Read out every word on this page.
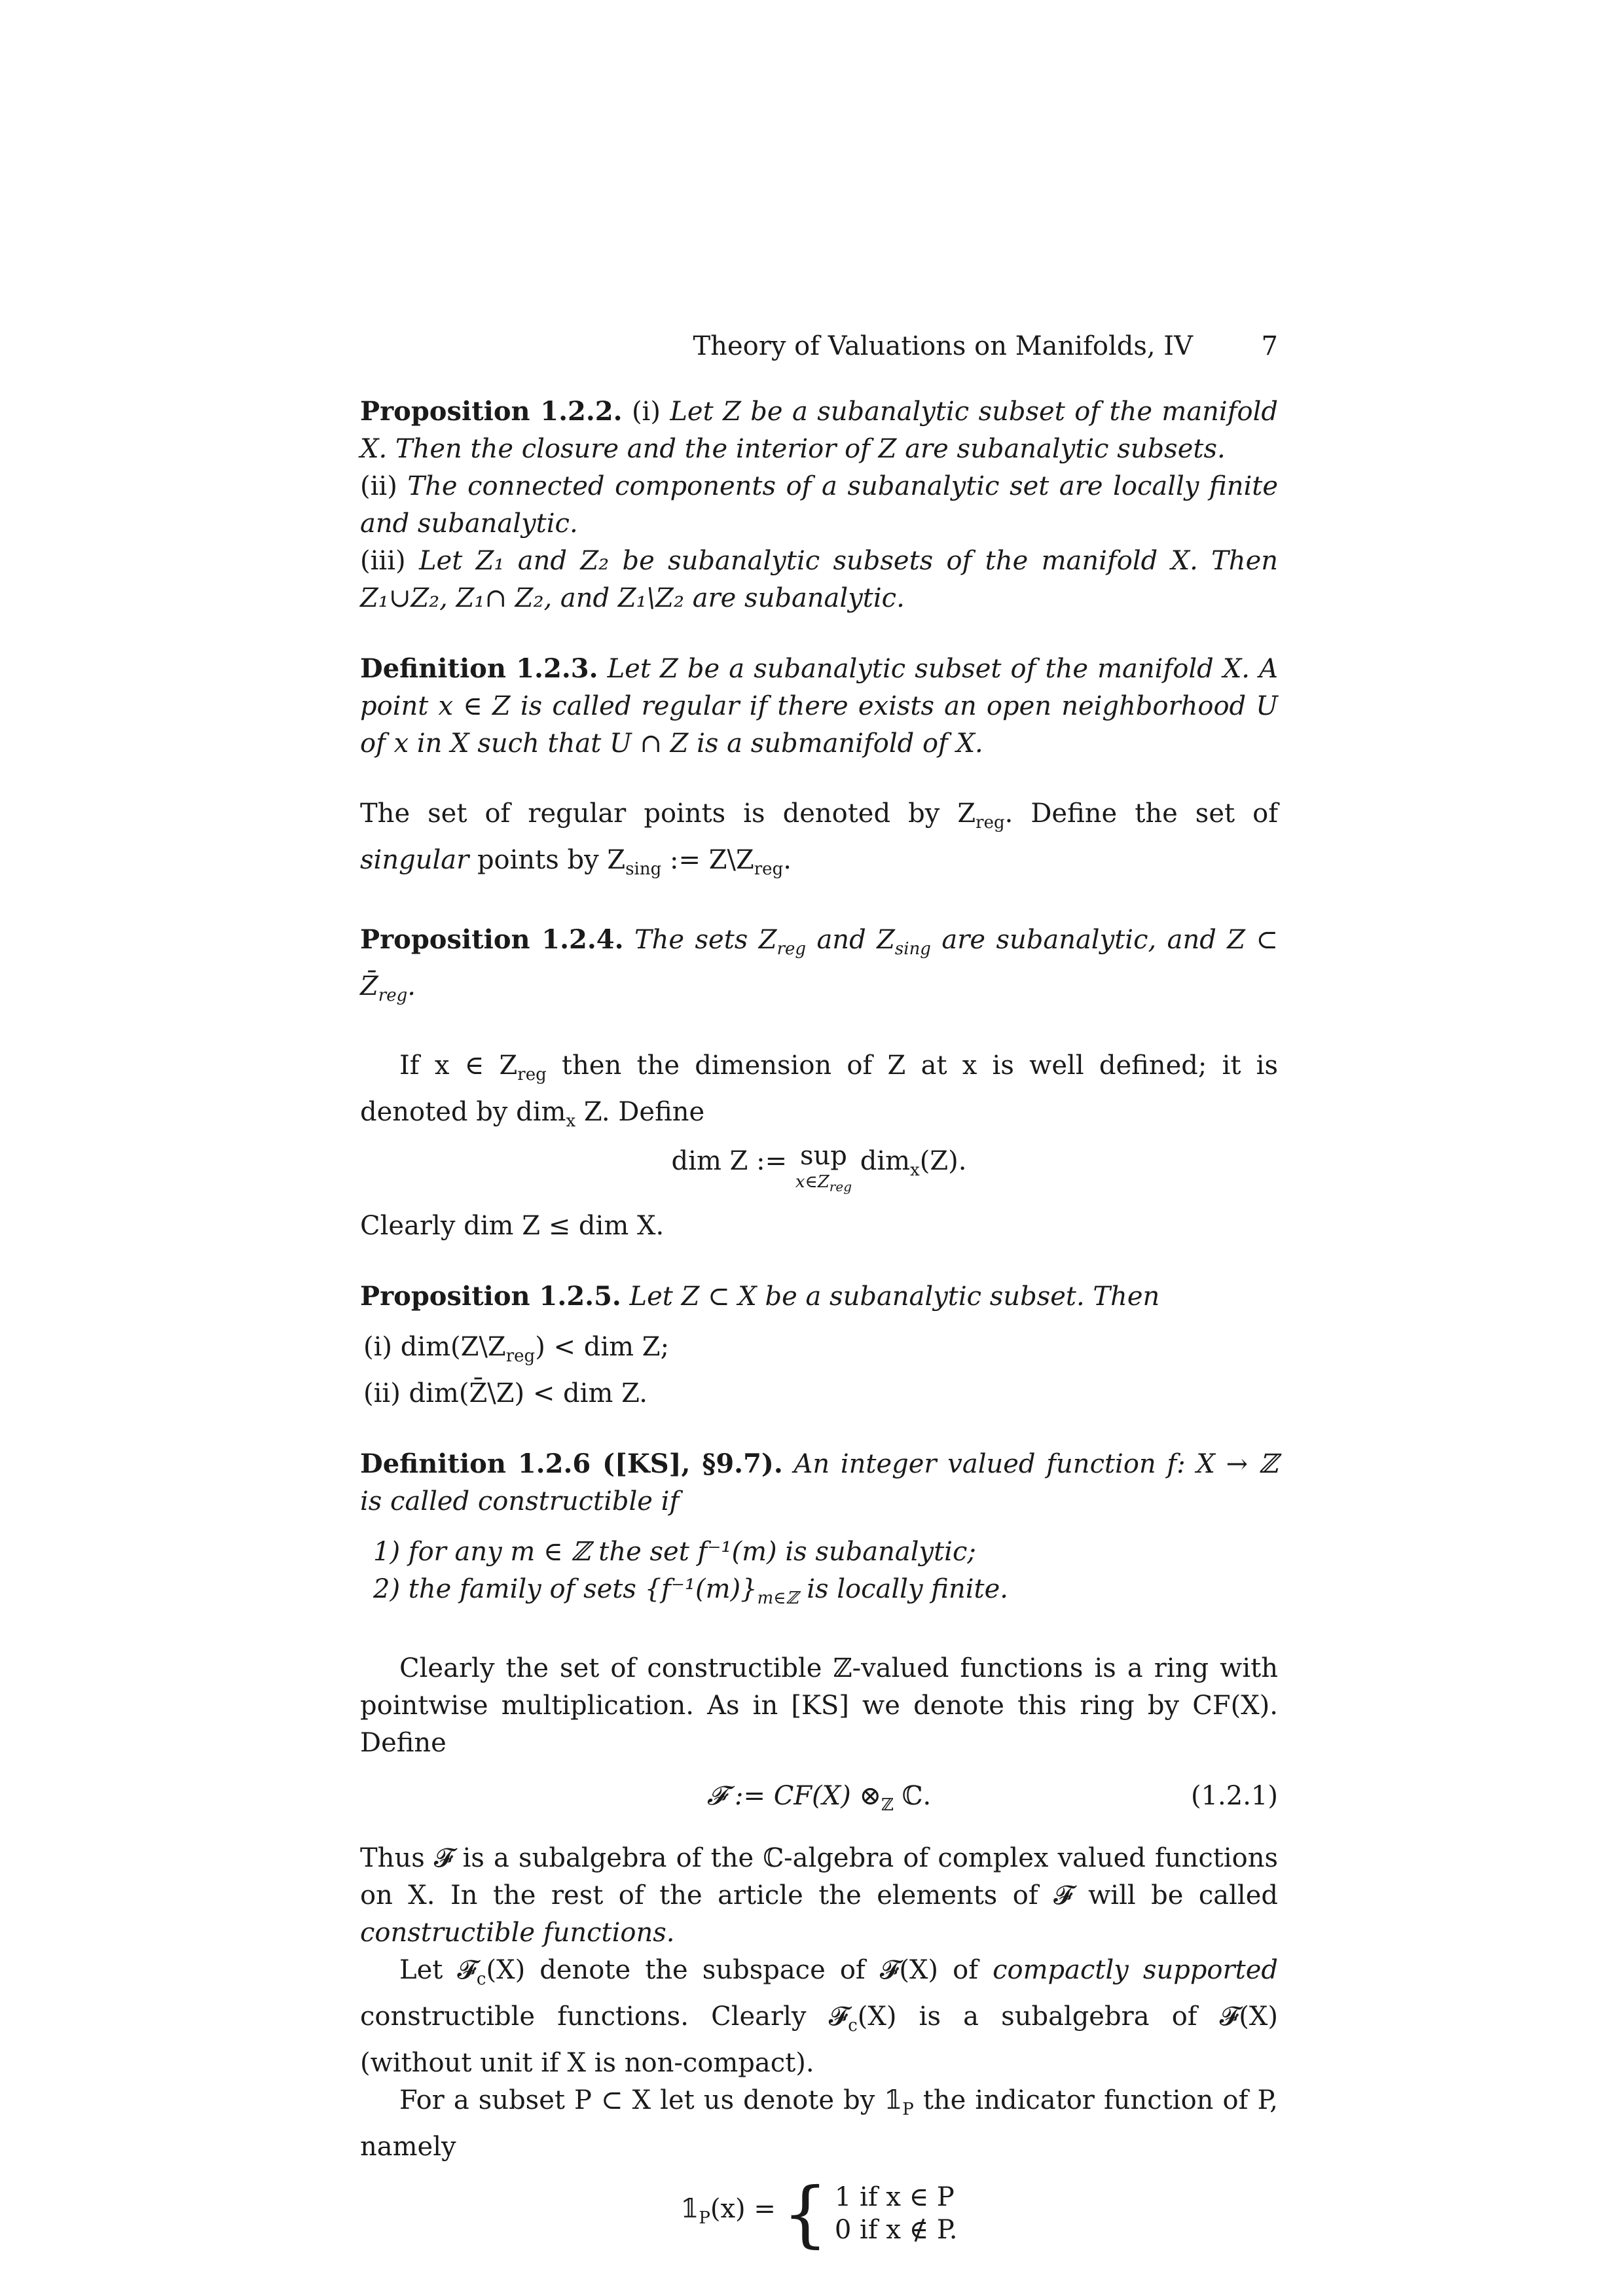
Theory of Valuations on Manifolds, IV	7

Proposition 1.2.2. (i) Let Z be a subanalytic subset of the manifold X. Then the closure and the interior of Z are subanalytic subsets.

(ii) The connected components of a subanalytic set are locally finite and subanalytic.

(iii) Let Z₁ and Z₂ be subanalytic subsets of the manifold X. Then Z₁∪Z₂, Z₁∩ Z₂, and Z₁\Z₂ are subanalytic.

Definition 1.2.3. Let Z be a subanalytic subset of the manifold X. A point x ∈ Z is called regular if there exists an open neighborhood U of x in X such that U ∩ Z is a submanifold of X.

The set of regular points is denoted by $Z_{reg}$. Define the set of singular points by $Z_{sing}$ := $Z\backslash Z_{reg}$.

Proposition 1.2.4. The sets $Z_{reg}$ and $Z_{sing}$ are subanalytic, and Z ⊂ $Z̄_{reg}$.

If x ∈ $Z_{reg}$ then the dimension of Z at x is well defined; it is denoted by dim$_x$ Z. Define

dim Z := sup
$x\in Z_{reg}$
dim$_x$(Z).

Clearly dim Z ≤ dim X.

Proposition 1.2.5. Let Z ⊂ X be a subanalytic subset. Then

(i) $dim(Z\backslash Z_{reg})$ < dim Z;
(ii) dim(Z̄\Z) < dim Z.

Definition 1.2.6 ([KS], §9.7). An integer valued function f: X → ℤ is called constructible if

1) for any m ∈ ℤ the set f⁻¹(m) is subanalytic;
2) the family of sets $\{f^{-1}(m)\}_{m\in ℤ}$ is locally finite.

Clearly the set of constructible ℤ-valued functions is a ring with pointwise multiplication. As in [KS] we denote this ring by CF(X). Define

𝓕 := CF(X) $\otimes_ℤ$ ℂ.	(1.2.1)

Thus 𝓕 is a subalgebra of the ℂ-algebra of complex valued functions on X. In the rest of the article the elements of 𝓕 will be called constructible functions.

Let 𝓕$_c$(X) denote the subspace of 𝓕(X) of compactly supported constructible functions. Clearly 𝓕$_c$(X) is a subalgebra of 𝓕(X) (without unit if X is non-compact).

For a subset P ⊂ X let us denote by $𝟙_P$ the indicator function of P, namely

$𝟙_P(x)$ = { 1 if x ∈ P
0 if x ∉ P.
